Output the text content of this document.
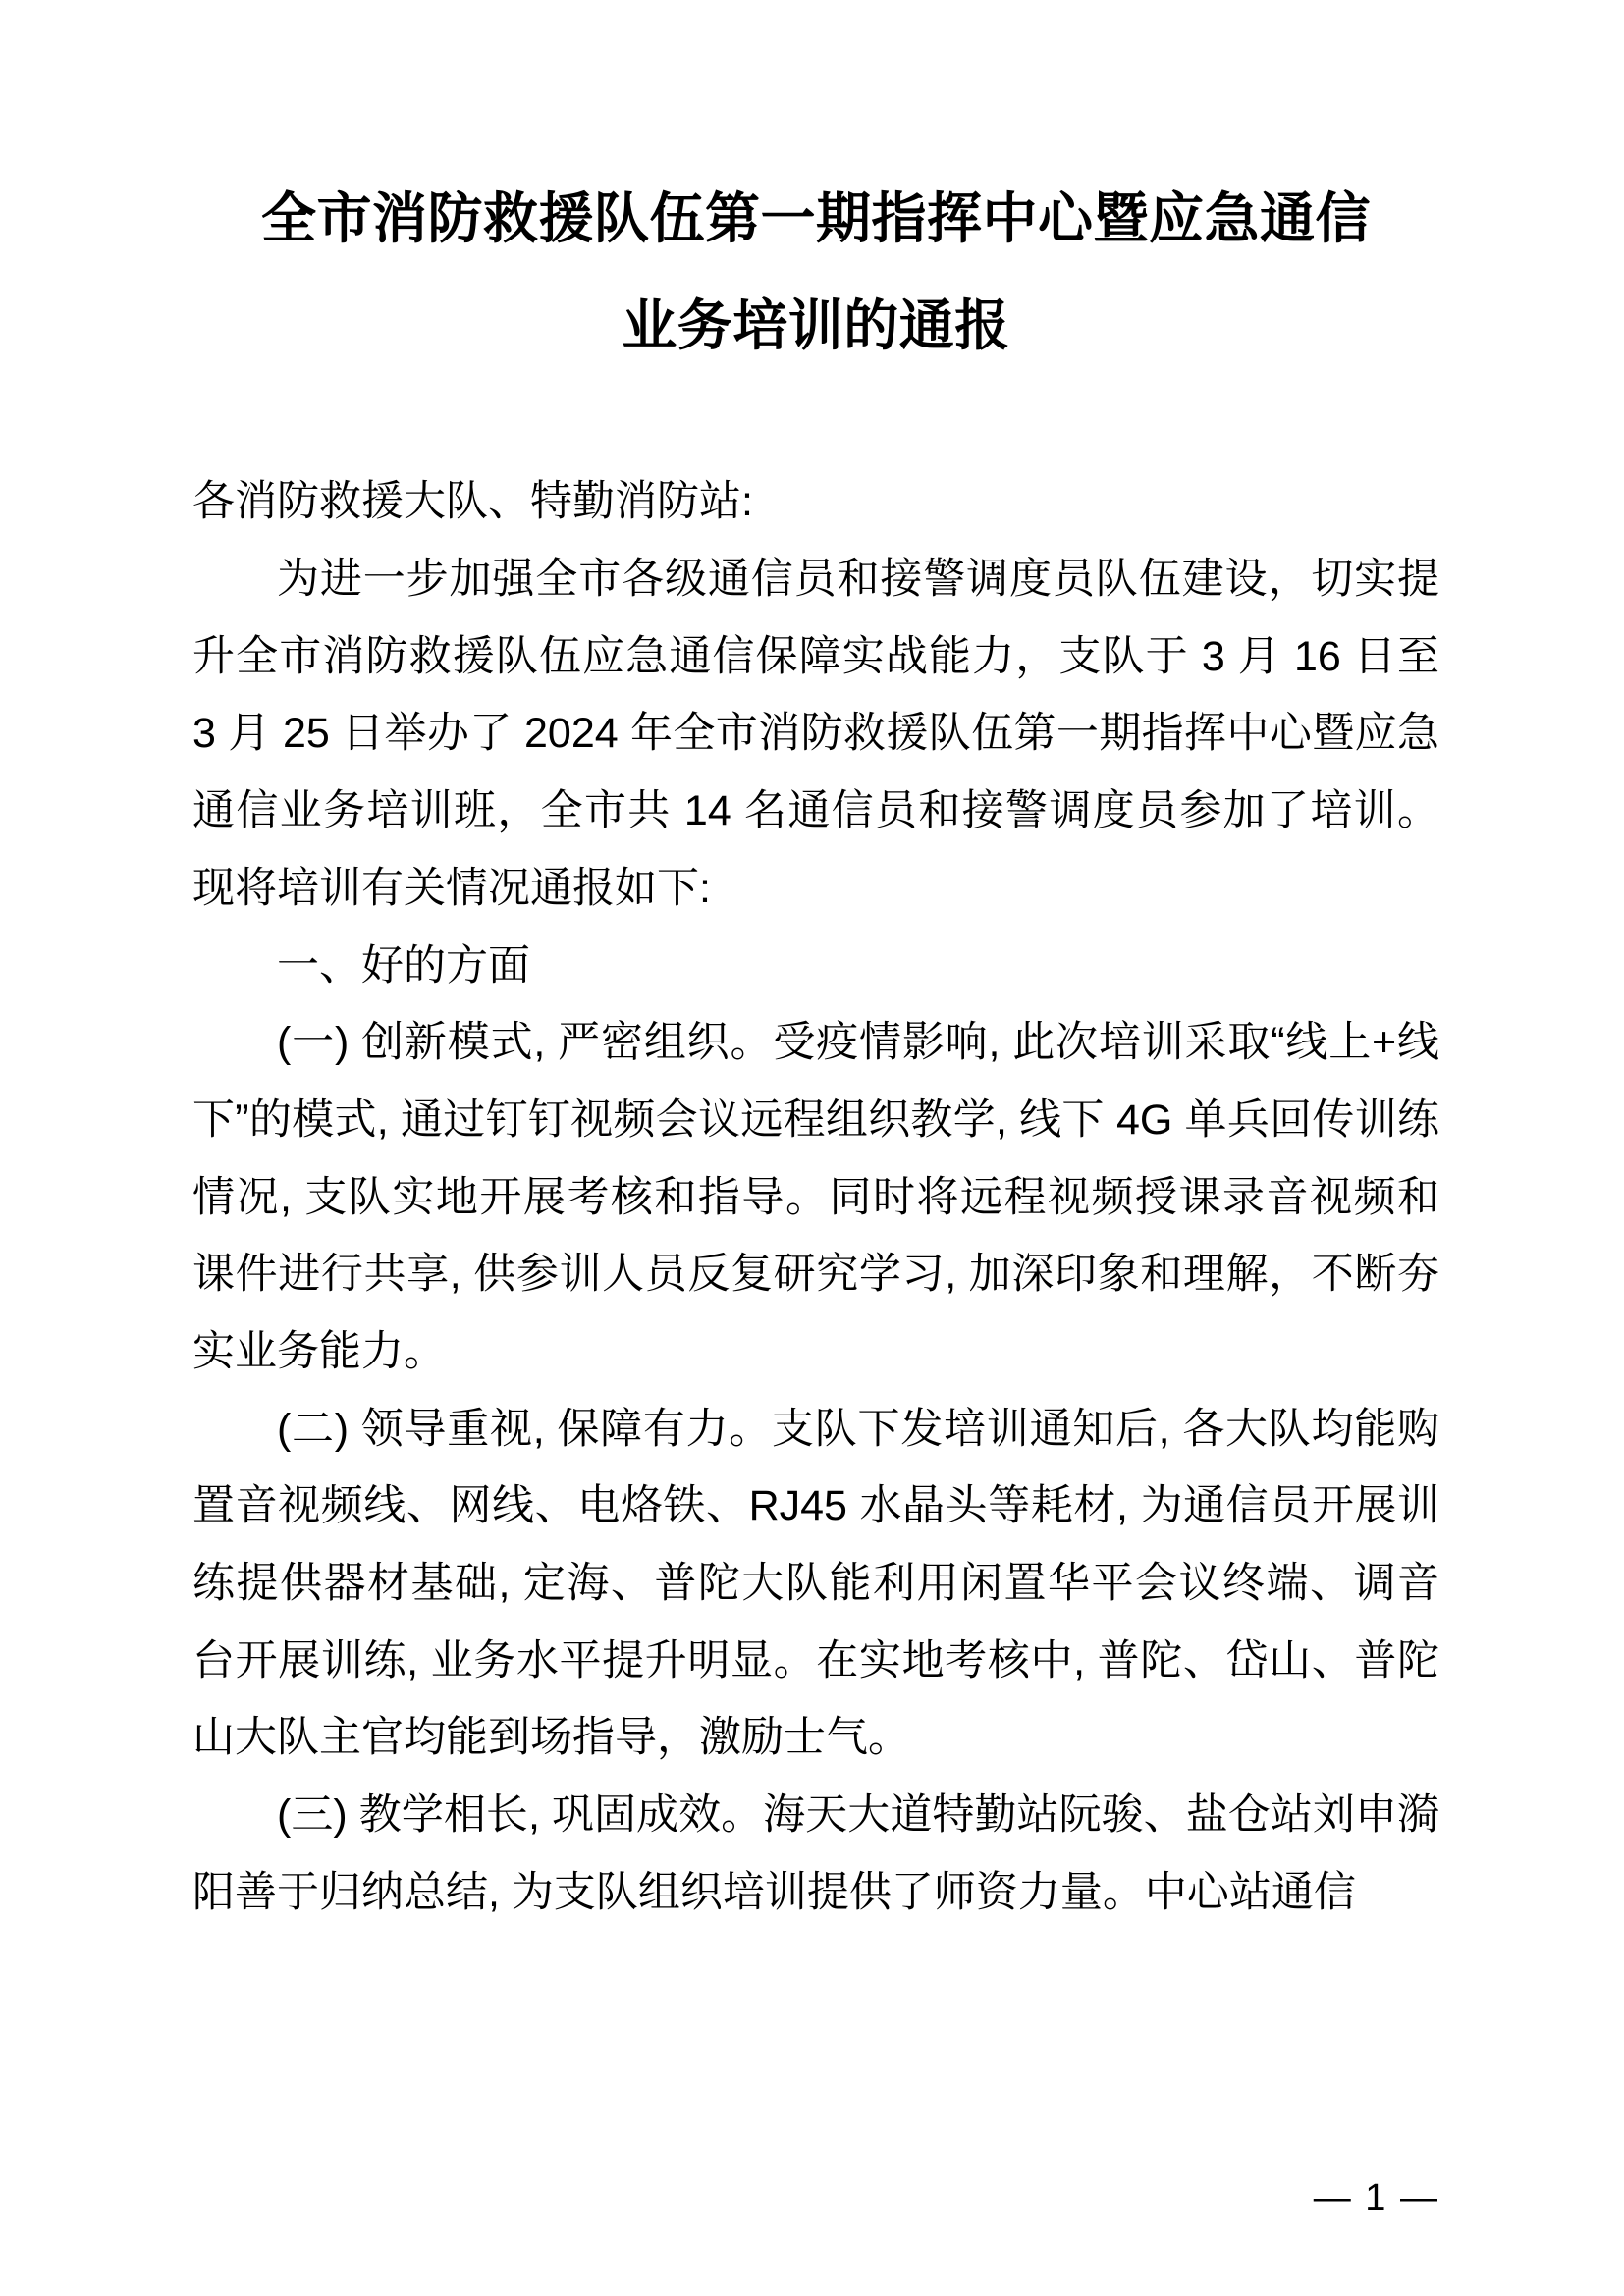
全市消防救援队伍第一期指挥中心暨应急通信
业务培训的通报

各消防救援大队、特勤消防站:

为进一步加强全市各级通信员和接警调度员队伍建设，切实提升全市消防救援队伍应急通信保障实战能力，支队于 3 月 16 日至 3 月 25 日举办了 2024 年全市消防救援队伍第一期指挥中心暨应急通信业务培训班，全市共 14 名通信员和接警调度员参加了培训。现将培训有关情况通报如下:

一、好的方面

(一) 创新模式, 严密组织。受疫情影响, 此次培训采取“线上+线下”的模式, 通过钉钉视频会议远程组织教学, 线下 4G 单兵回传训练情况, 支队实地开展考核和指导。同时将远程视频授课录音视频和课件进行共享, 供参训人员反复研究学习, 加深印象和理解，不断夯实业务能力。

(二) 领导重视, 保障有力。支队下发培训通知后, 各大队均能购置音视频线、网线、电烙铁、RJ45 水晶头等耗材, 为通信员开展训练提供器材基础, 定海、普陀大队能利用闲置华平会议终端、调音台开展训练, 业务水平提升明显。在实地考核中, 普陀、岱山、普陀山大队主官均能到场指导，激励士气。

(三) 教学相长, 巩固成效。海天大道特勤站阮骏、盐仓站刘申漪阳善于归纳总结, 为支队组织培训提供了师资力量。中心站通信

— 1 —
